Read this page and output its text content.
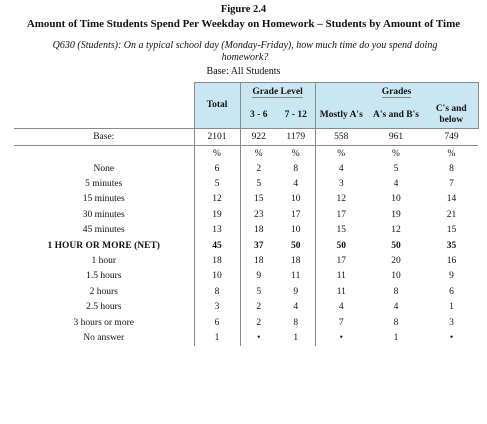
Figure 2.4
Amount of Time Students Spend Per Weekday on Homework – Students by Amount of Time
Q630 (Students): On a typical school day (Monday-Friday), how much time do you spend doing homework?
Base: All Students
	Total	Grade Level		Grades		
		3 - 6	7 - 12	Mostly A's	A's and B's	C's and below
Base:	2101	922	1179	558	961	749
	%	%	%	%	%	%
None	6	2	8	4	5	8
5 minutes	5	5	4	3	4	7
15 minutes	12	15	10	12	10	14
30 minutes	19	23	17	17	19	21
45 minutes	13	18	10	15	12	15
1 HOUR OR MORE (NET)	45	37	50	50	50	35
1 hour	18	18	18	17	20	16
1.5 hours	10	9	11	11	10	9
2 hours	8	5	9	11	8	6
2.5 hours	3	2	4	4	4	1
3 hours or more	6	2	8	7	8	3
No answer	1	•	1	•	1	•
